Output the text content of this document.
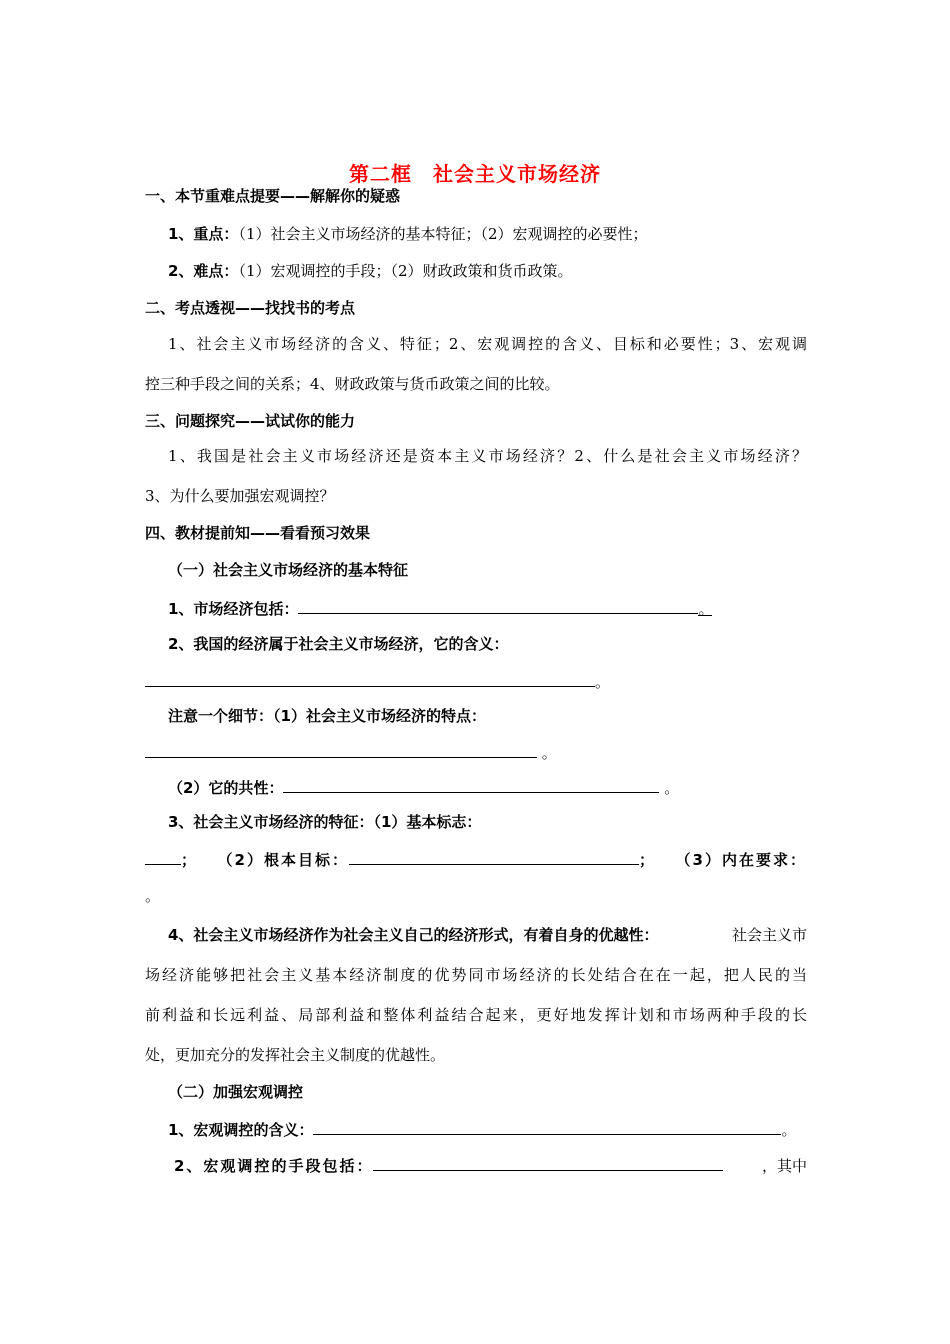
第二框　社会主义市场经济
一、本节重难点提要——解解你的疑惑
1、重点：（1）社会主义市场经济的基本特征；（2）宏观调控的必要性；
2、难点：（1）宏观调控的手段；（2）财政政策和货币政策。
二、考点透视——找找书的考点
1、社会主义市场经济的含义、特征；2、宏观调控的含义、目标和必要性；3、宏观调
控三种手段之间的关系；4、财政政策与货币政策之间的比较。
三、问题探究——试试你的能力
1、我国是社会主义市场经济还是资本主义市场经济？2、什么是社会主义市场经济？
3、为什么要加强宏观调控？
四、教材提前知——看看预习效果
（一）社会主义市场经济的基本特征
1、市场经济包括：	。
2、我国的经济属于社会主义市场经济，它的含义：
。
注意一个细节：（1）社会主义市场经济的特点：
。
（2）它的共性：	。
3、社会主义市场经济的特征：（1）基本标志：
； （2）根本目标：	； （3）内在要求：
。
4、社会主义市场经济作为社会主义自己的经济形式，有着自身的优越性：	社会主义市
场经济能够把社会主义基本经济制度的优势同市场经济的长处结合在在一起，把人民的当
前利益和长远利益、局部利益和整体利益结合起来，更好地发挥计划和市场两种手段的长
处，更加充分的发挥社会主义制度的优越性。
（二）加强宏观调控
1、宏观调控的含义：	。
2、宏观调控的手段包括：	，其中
